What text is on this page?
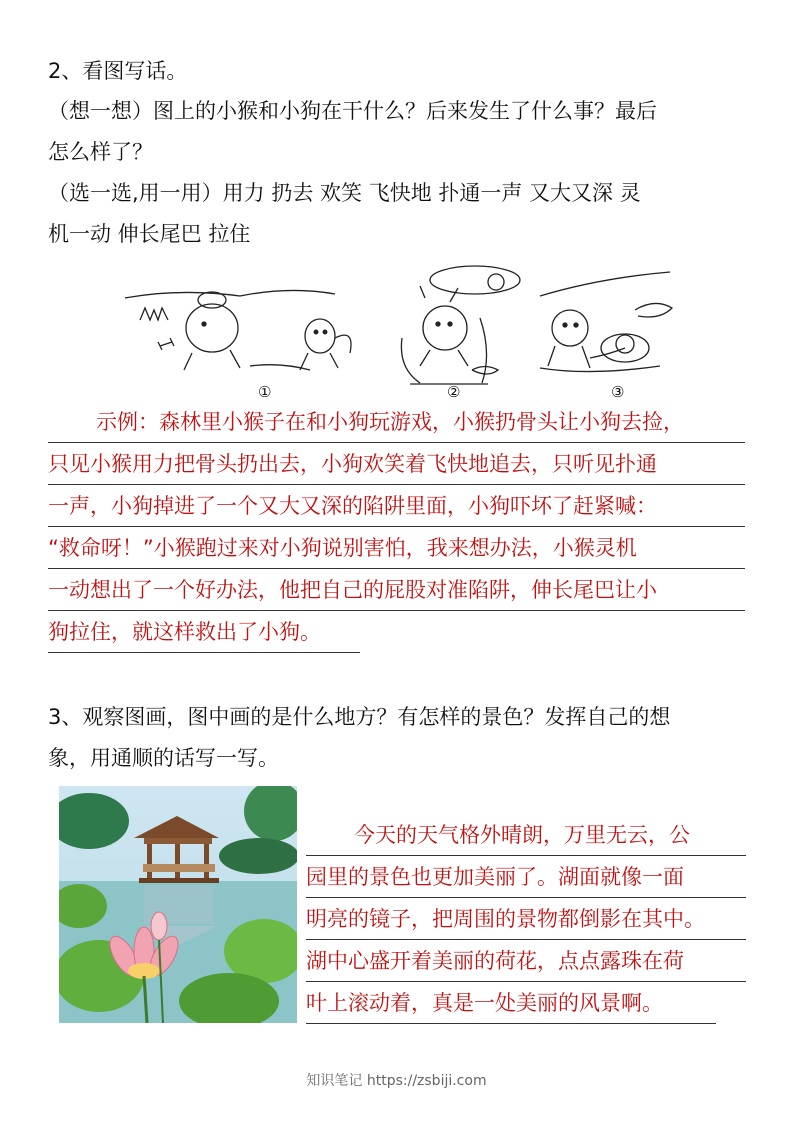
2、看图写话。
（想一想）图上的小猴和小狗在干什么？后来发生了什么事？最后
怎么样了？
（选一选,用一用）用力 扔去 欢笑 飞快地 扑通一声 又大又深 灵
机一动 伸长尾巴 拉住
①	②	③
示例：森林里小猴子在和小狗玩游戏，小猴扔骨头让小狗去捡，
只见小猴用力把骨头扔出去，小狗欢笑着飞快地追去，只听见扑通
一声，小狗掉进了一个又大又深的陷阱里面，小狗吓坏了赶紧喊：
“救命呀！”小猴跑过来对小狗说别害怕，我来想办法，小猴灵机
一动想出了一个好办法，他把自己的屁股对准陷阱，伸长尾巴让小
狗拉住，就这样救出了小狗。
3、观察图画，图中画的是什么地方？有怎样的景色？发挥自己的想
象，用通顺的话写一写。
今天的天气格外晴朗，万里无云，公
园里的景色也更加美丽了。湖面就像一面
明亮的镜子，把周围的景物都倒影在其中。
湖中心盛开着美丽的荷花，点点露珠在荷
叶上滚动着，真是一处美丽的风景啊。
知识笔记 https://zsbiji.com
